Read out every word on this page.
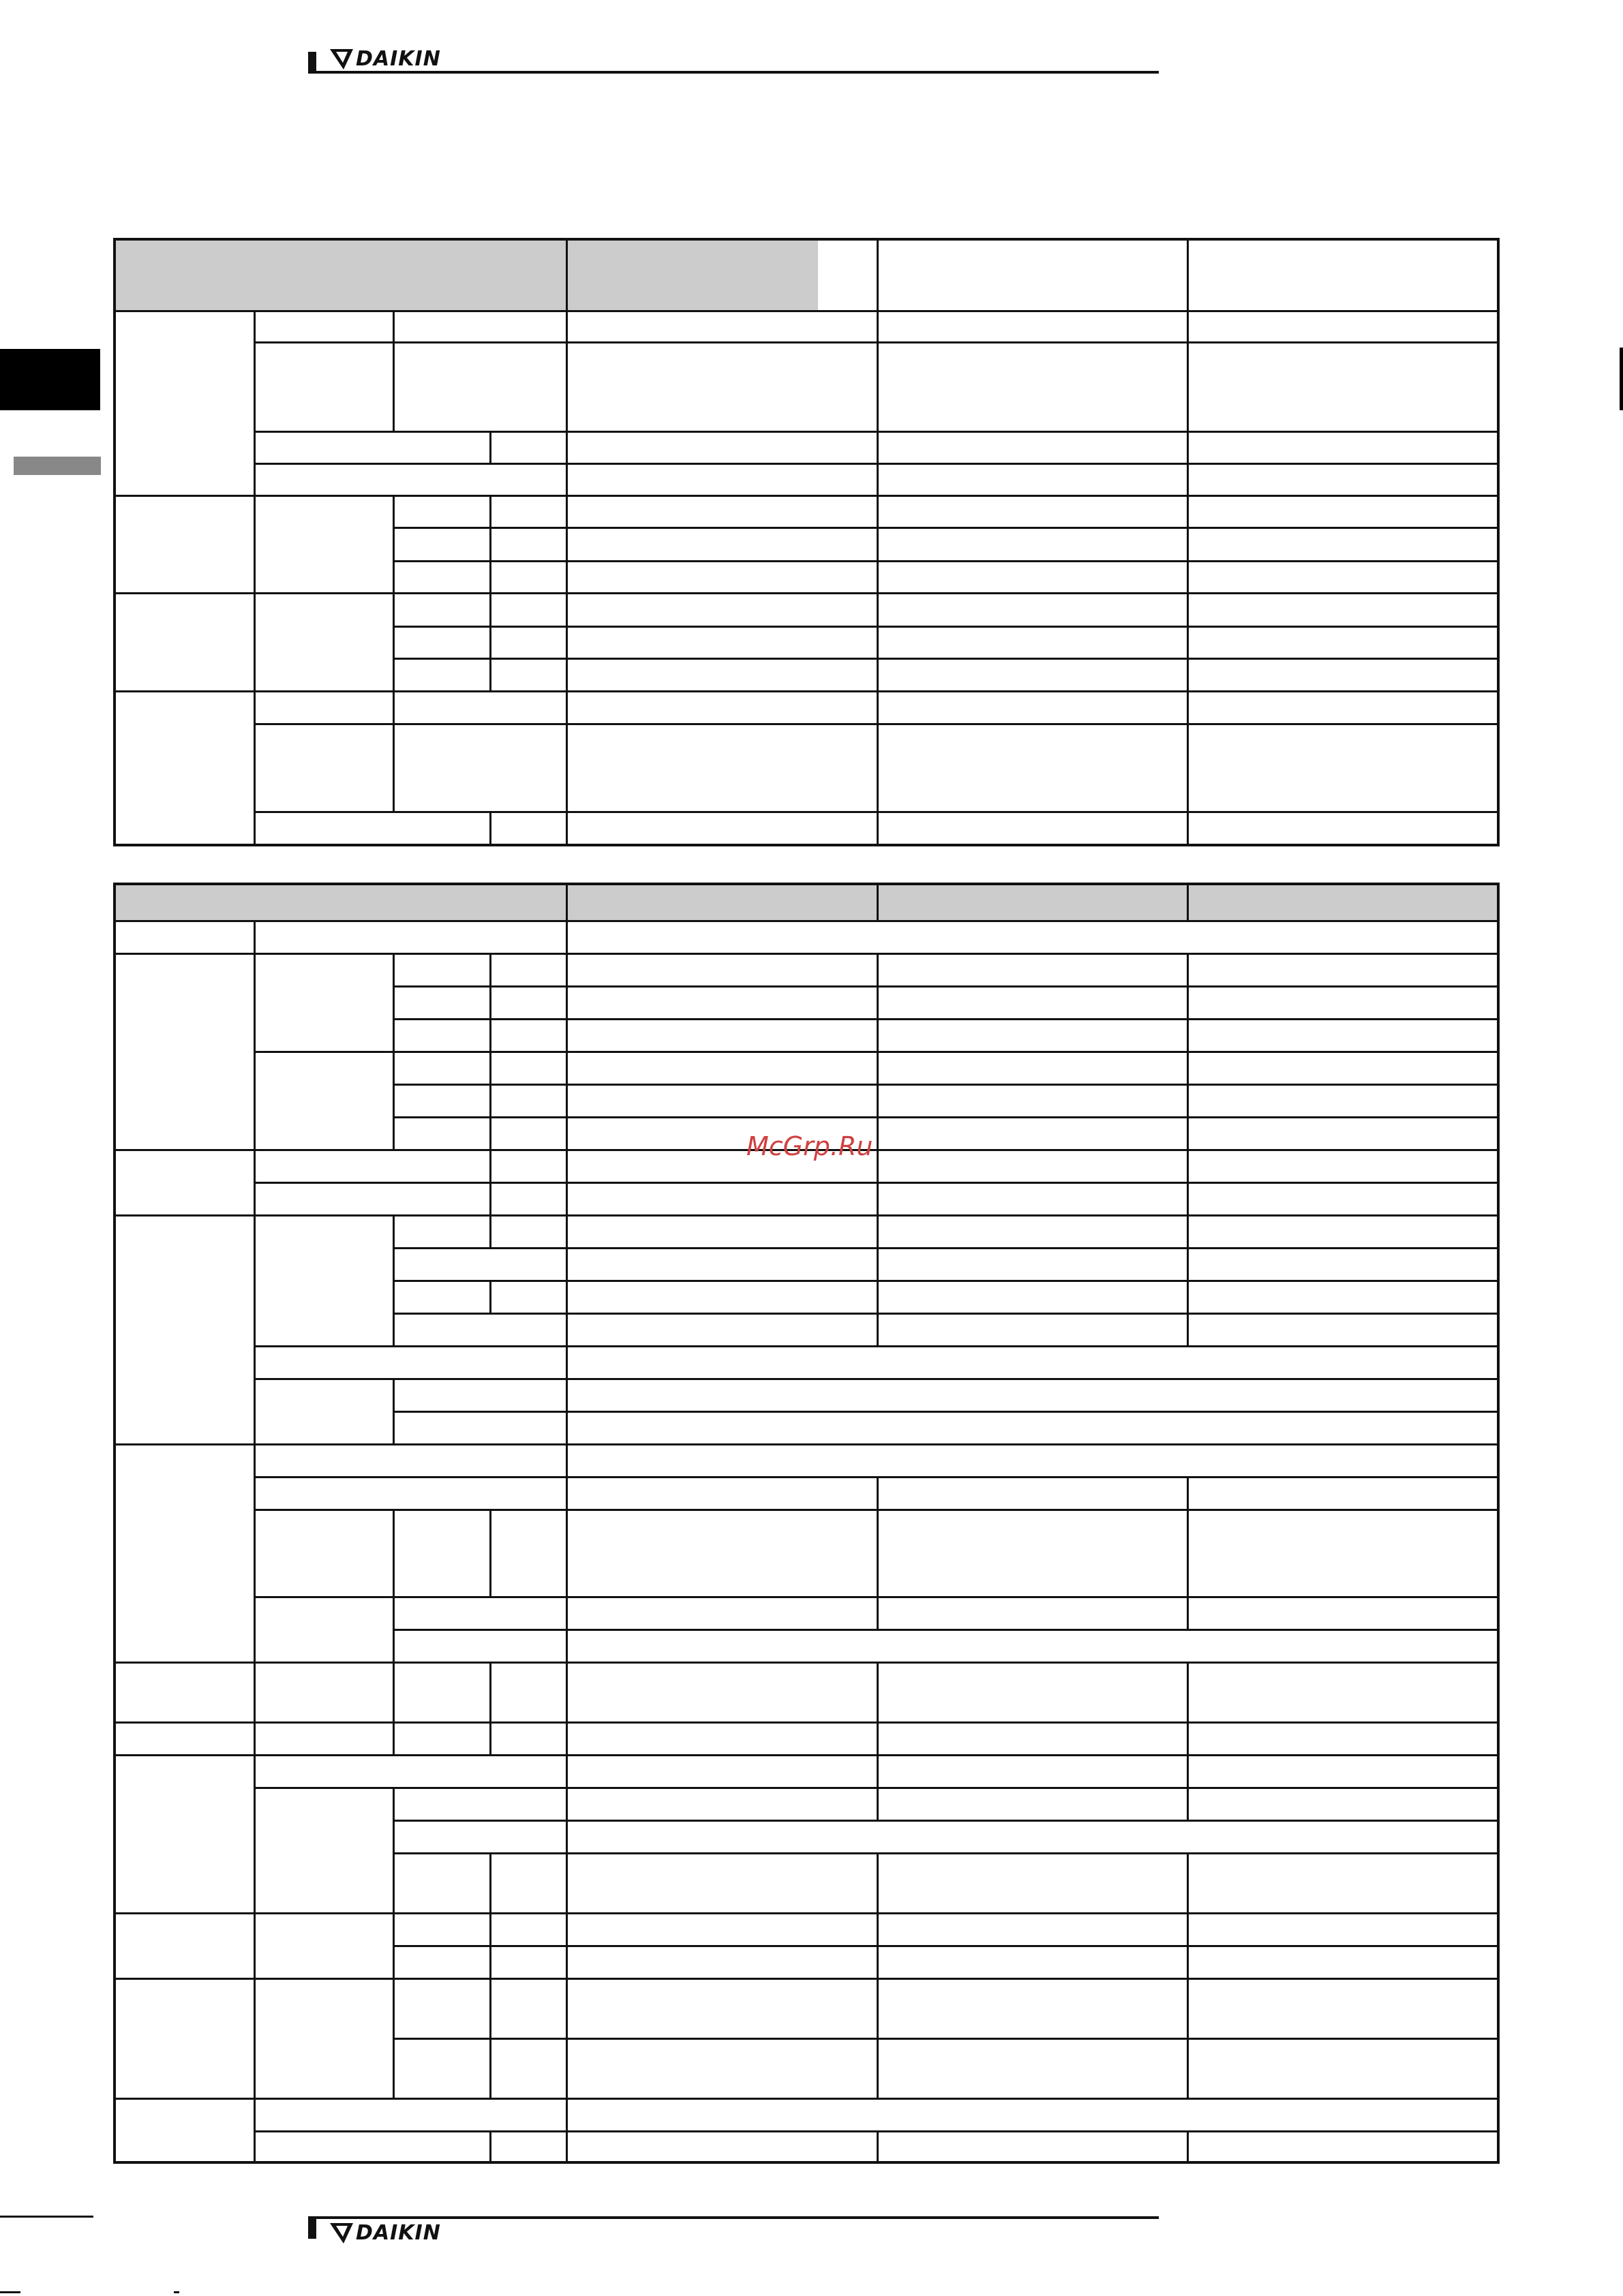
DAIKIN
McGrp.Ru
DAIKIN
